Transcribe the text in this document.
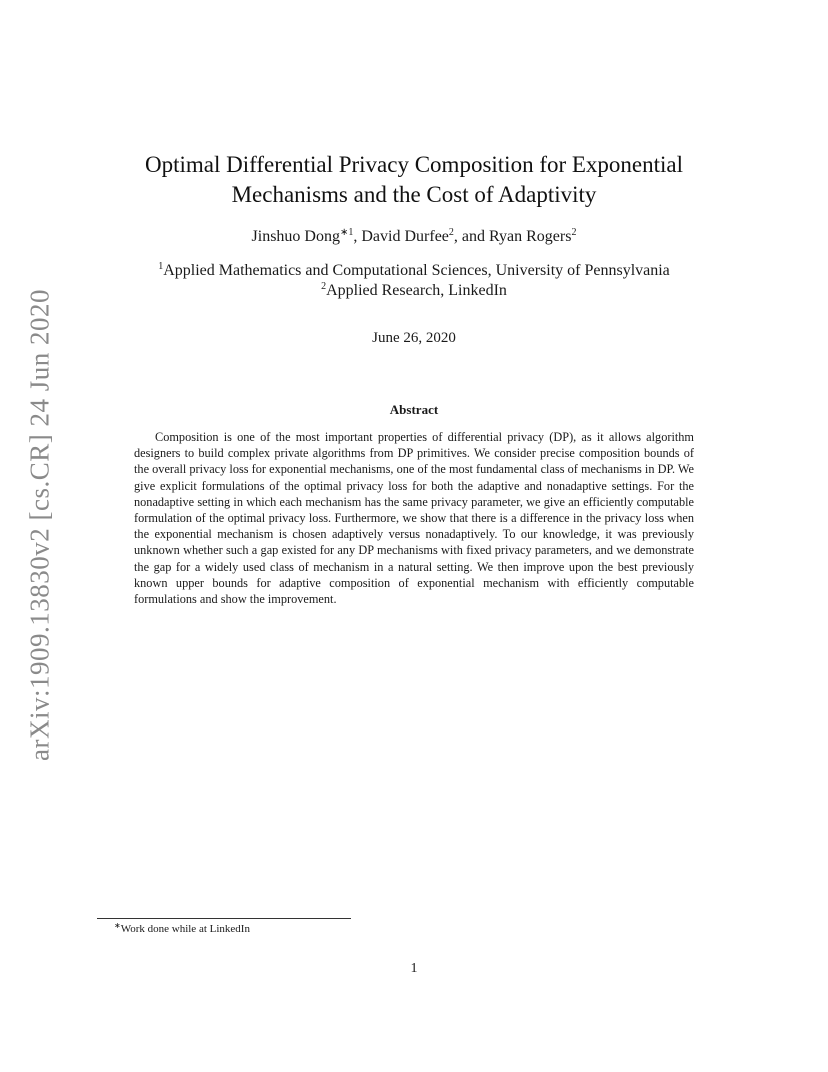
arXiv:1909.13830v2 [cs.CR] 24 Jun 2020
Optimal Differential Privacy Composition for Exponential
Mechanisms and the Cost of Adaptivity
Jinshuo Dong$^{∗1}$, David Durfee$^2$, and Ryan Rogers$^2$
$^1$Applied Mathematics and Computational Sciences, University of Pennsylvania
$^2$Applied Research, LinkedIn
June 26, 2020
Abstract

Composition is one of the most important properties of differential privacy (DP), as it allows algorithm designers to build complex private algorithms from DP primitives. We consider precise composition bounds of the overall privacy loss for exponential mechanisms, one of the most fundamental class of mechanisms in DP. We give explicit formulations of the optimal privacy loss for both the adaptive and nonadaptive settings. For the nonadaptive setting in which each mechanism has the same privacy parameter, we give an efficiently computable formulation of the optimal privacy loss. Furthermore, we show that there is a difference in the privacy loss when the exponential mechanism is chosen adaptively versus nonadaptively. To our knowledge, it was previously unknown whether such a gap existed for any DP mechanisms with fixed privacy parameters, and we demonstrate the gap for a widely used class of mechanism in a natural setting. We then improve upon the best previously known upper bounds for adaptive composition of exponential mechanism with efficiently computable formulations and show the improvement.

∗Work done while at LinkedIn
1
